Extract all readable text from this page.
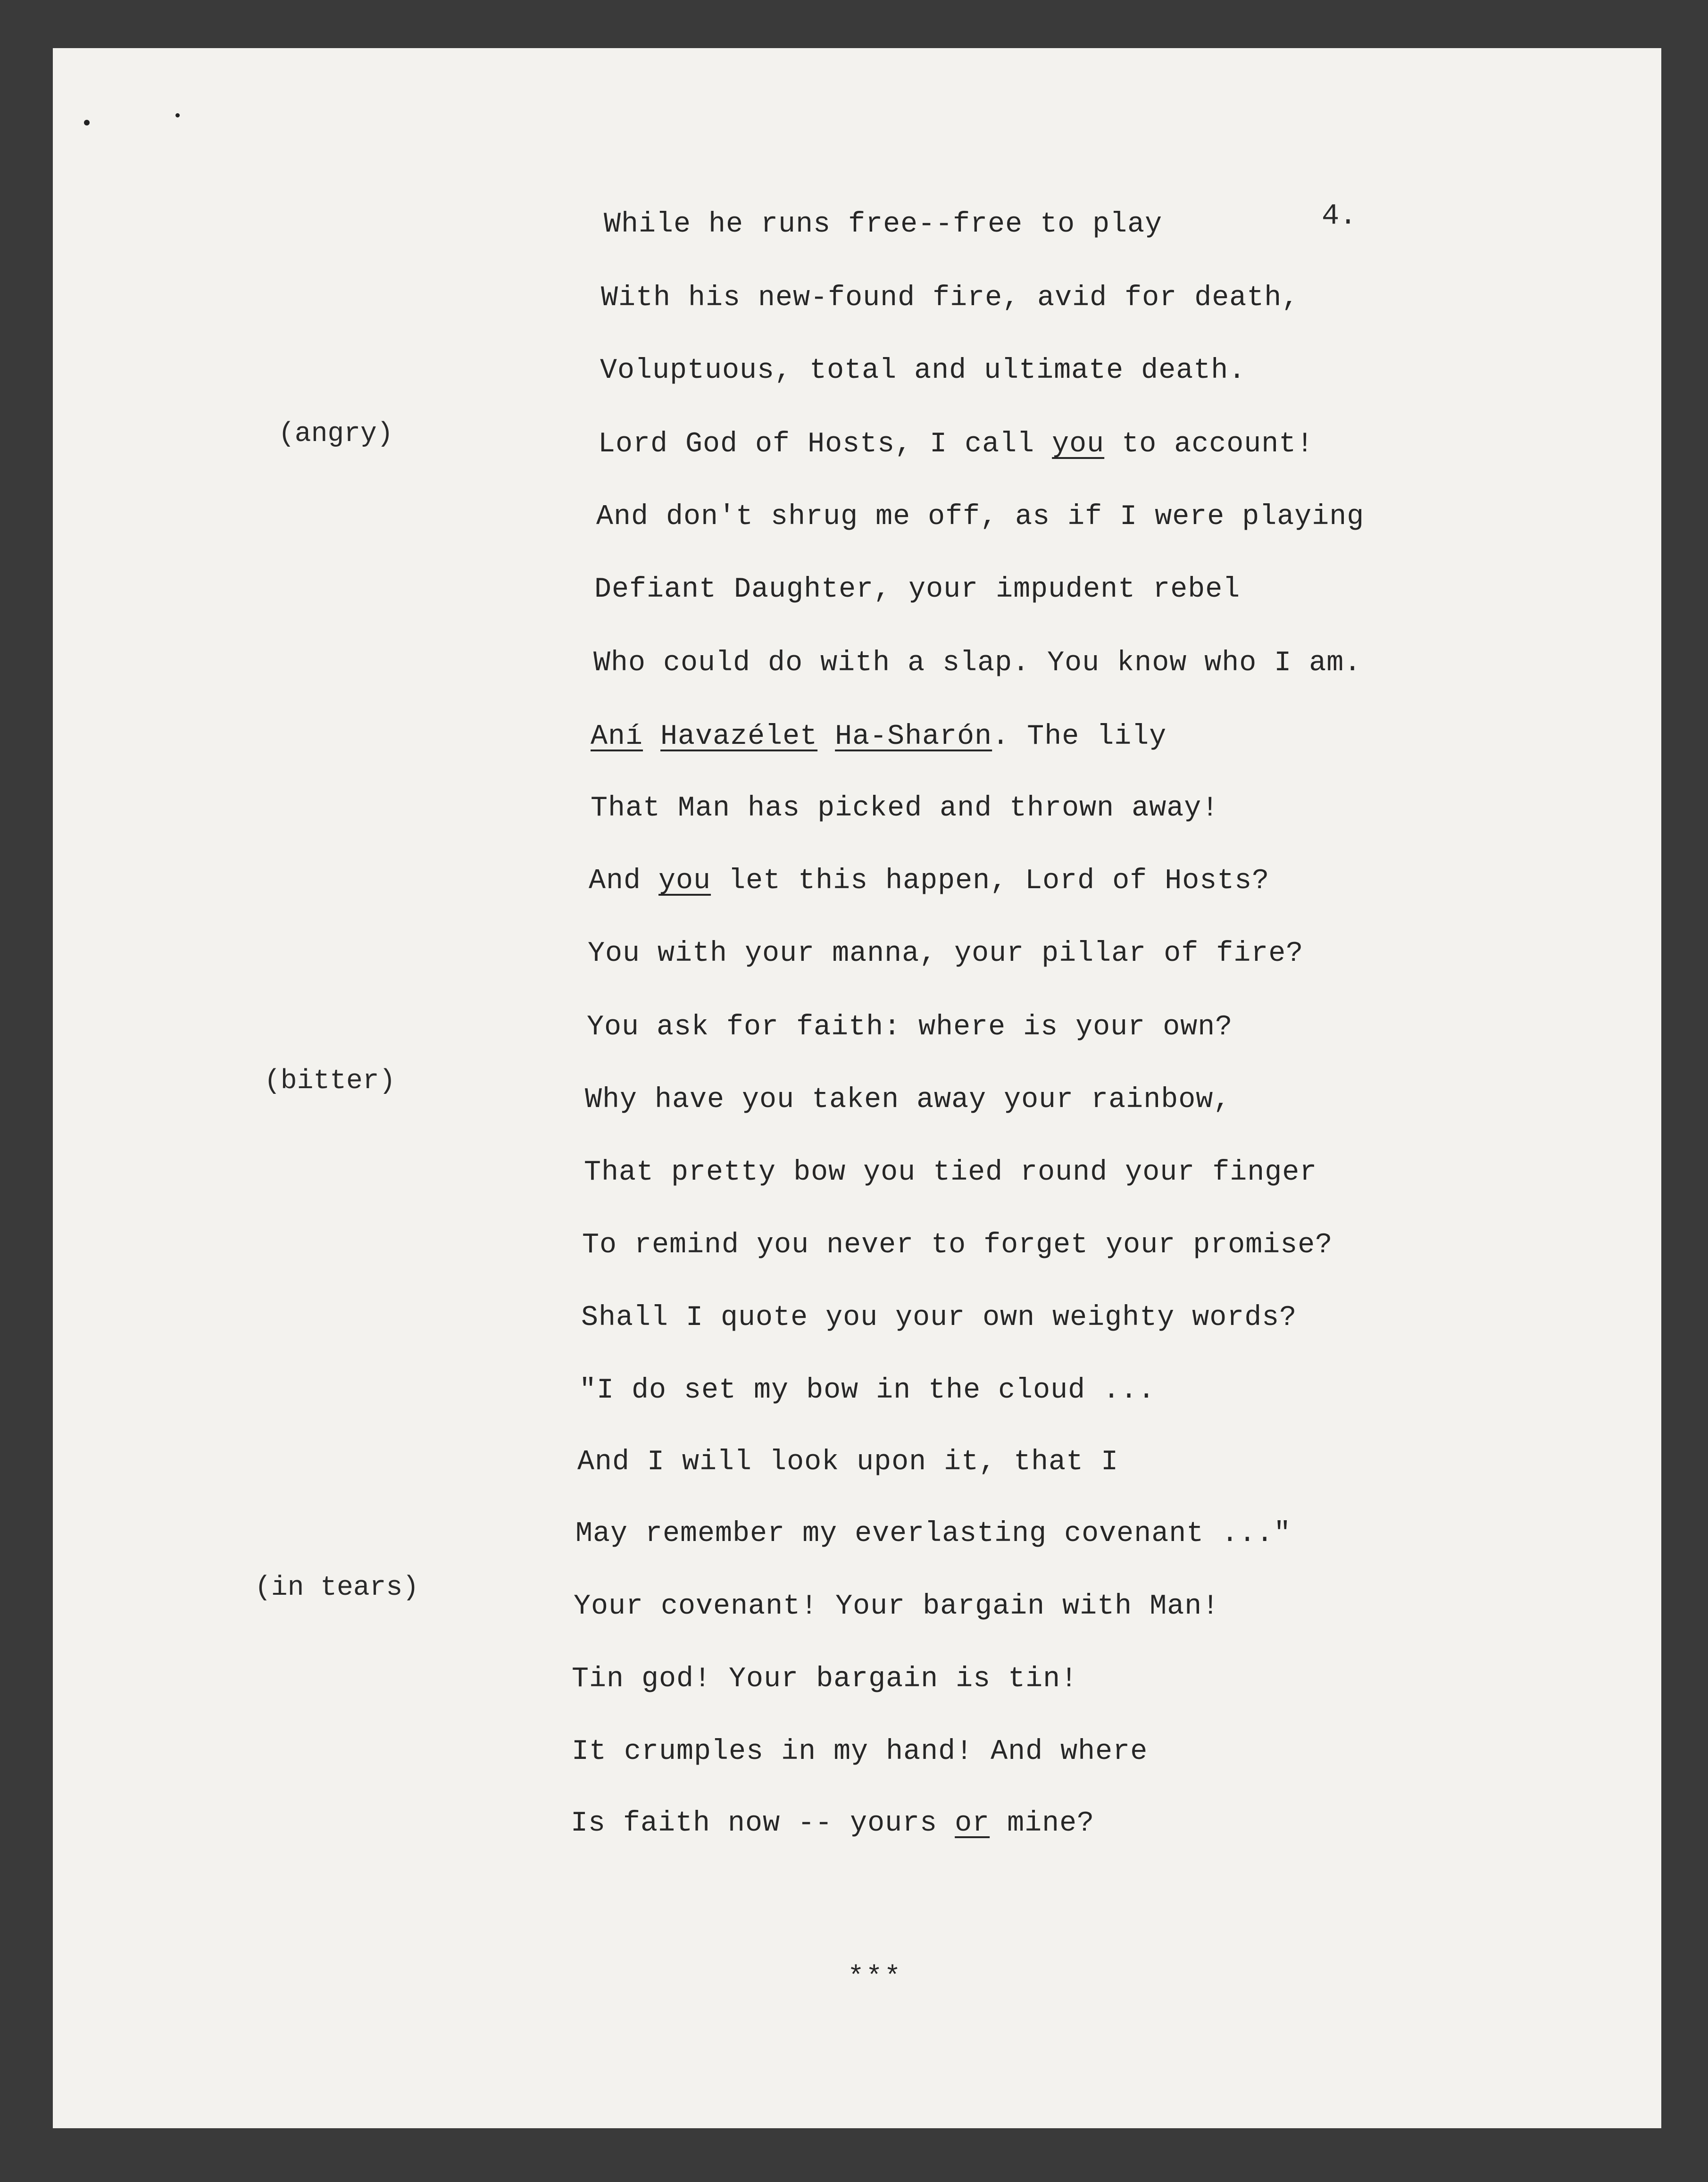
4.
(angry)
(bitter)
(in tears)
While he runs free--free to play
With his new-found fire, avid for death,
Voluptuous, total and ultimate death.
Lord God of Hosts, I call you to account!
And don't shrug me off, as if I were playing
Defiant Daughter, your impudent rebel
Who could do with a slap. You know who I am.
Aní Havazélet Ha-Sharón. The lily
That Man has picked and thrown away!
And you let this happen, Lord of Hosts?
You with your manna, your pillar of fire?
You ask for faith: where is your own?
Why have you taken away your rainbow,
That pretty bow you tied round your finger
To remind you never to forget your promise?
Shall I quote you your own weighty words?
"I do set my bow in the cloud ...
And I will look upon it, that I
May remember my everlasting covenant ..."
Your covenant! Your bargain with Man!
Tin god! Your bargain is tin!
It crumples in my hand! And where
Is faith now -- yours or mine?
***
